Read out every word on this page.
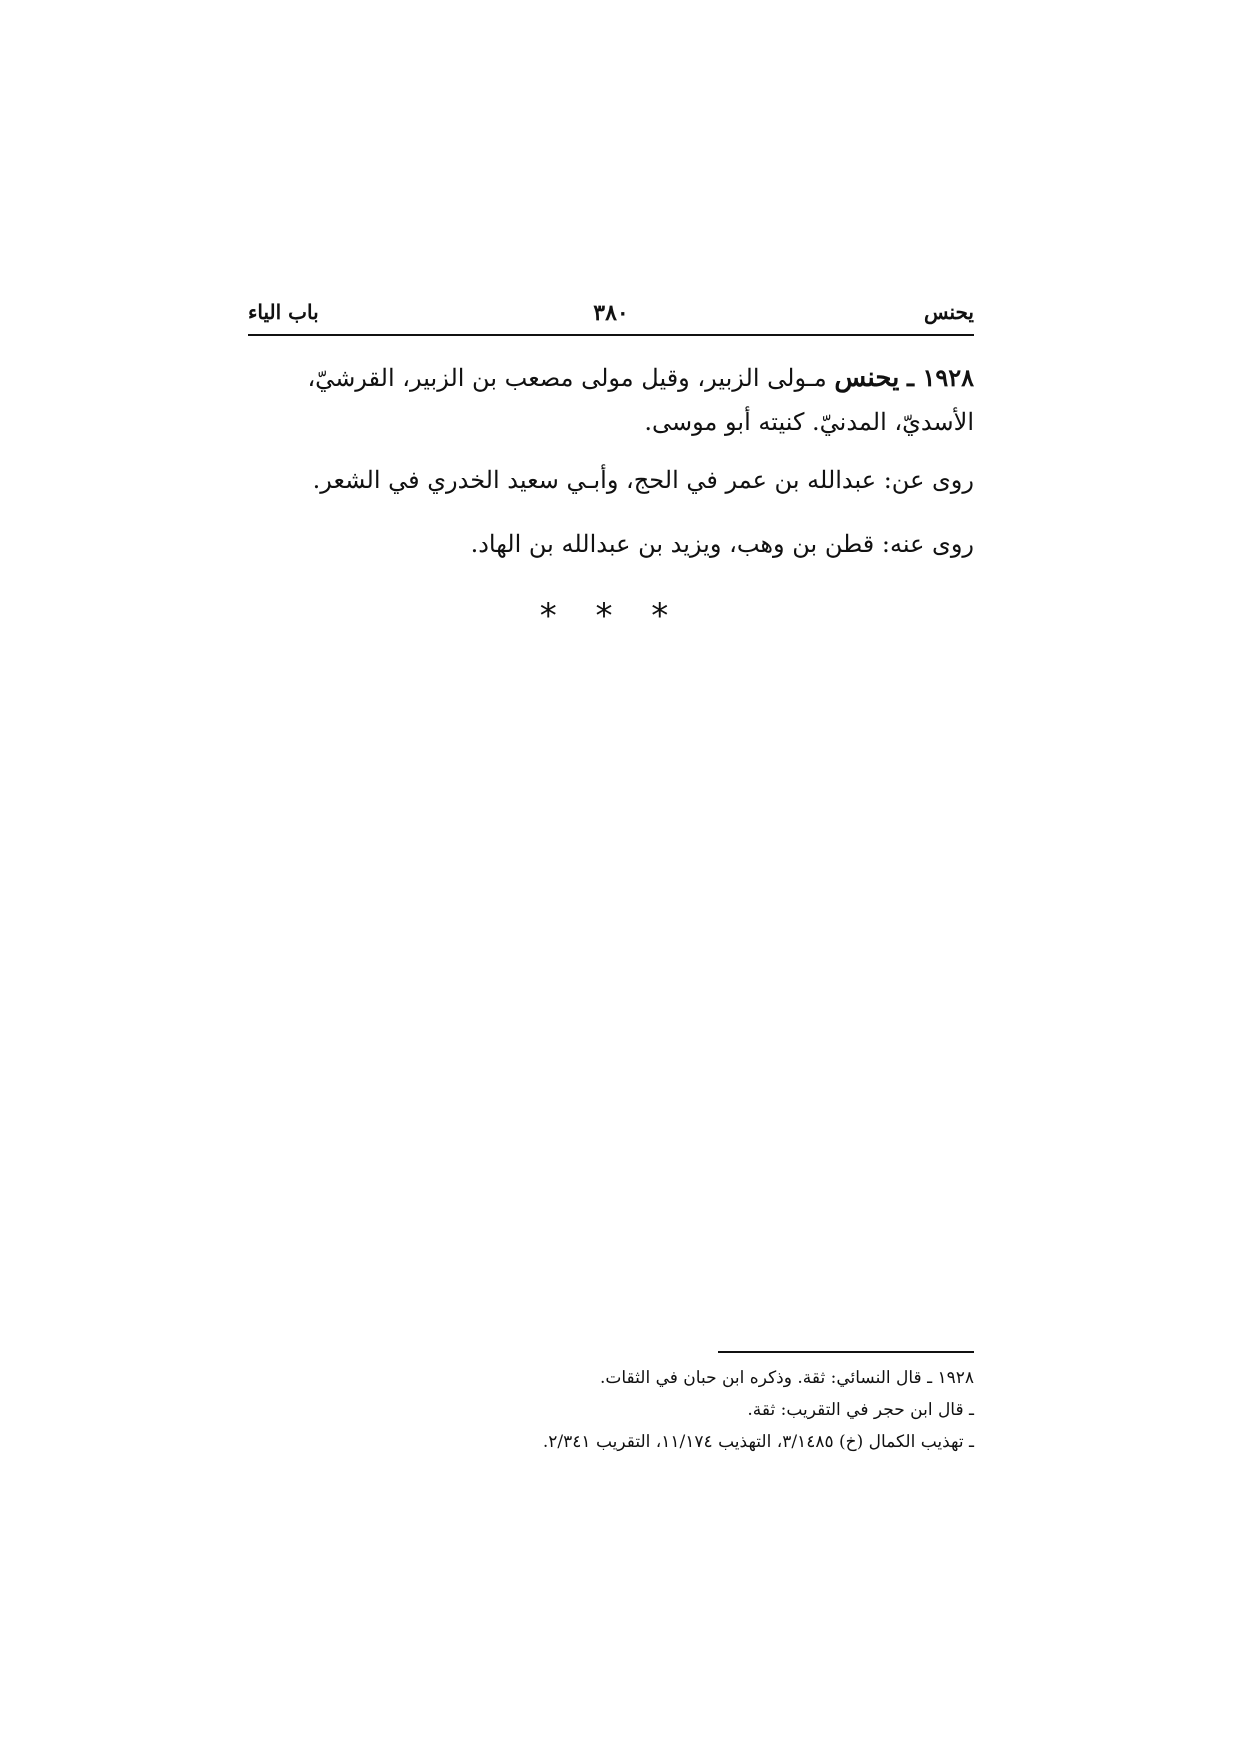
يحنس
٣٨٠
باب الياء

١٩٢٨ ـ يحنس مـولى الزبير، وقيل مولى مصعب بن الزبير، القرشيّ،

الأسديّ، المدنيّ. كنيته أبو موسى.

روى عن: عبدالله بن عمر في الحج، وأبـي سعيد الخدري في الشعر.

روى عنه: قطن بن وهب، ويزيد بن عبدالله بن الهاد.

* * *

١٩٢٨ ـ قال النسائي: ثقة. وذكره ابن حبان في الثقات.

ـ قال ابن حجر في التقريب: ثقة.

ـ تهذيب الكمال (خ) ٣/١٤٨٥، التهذيب ١١/١٧٤، التقريب ٢/٣٤١.
